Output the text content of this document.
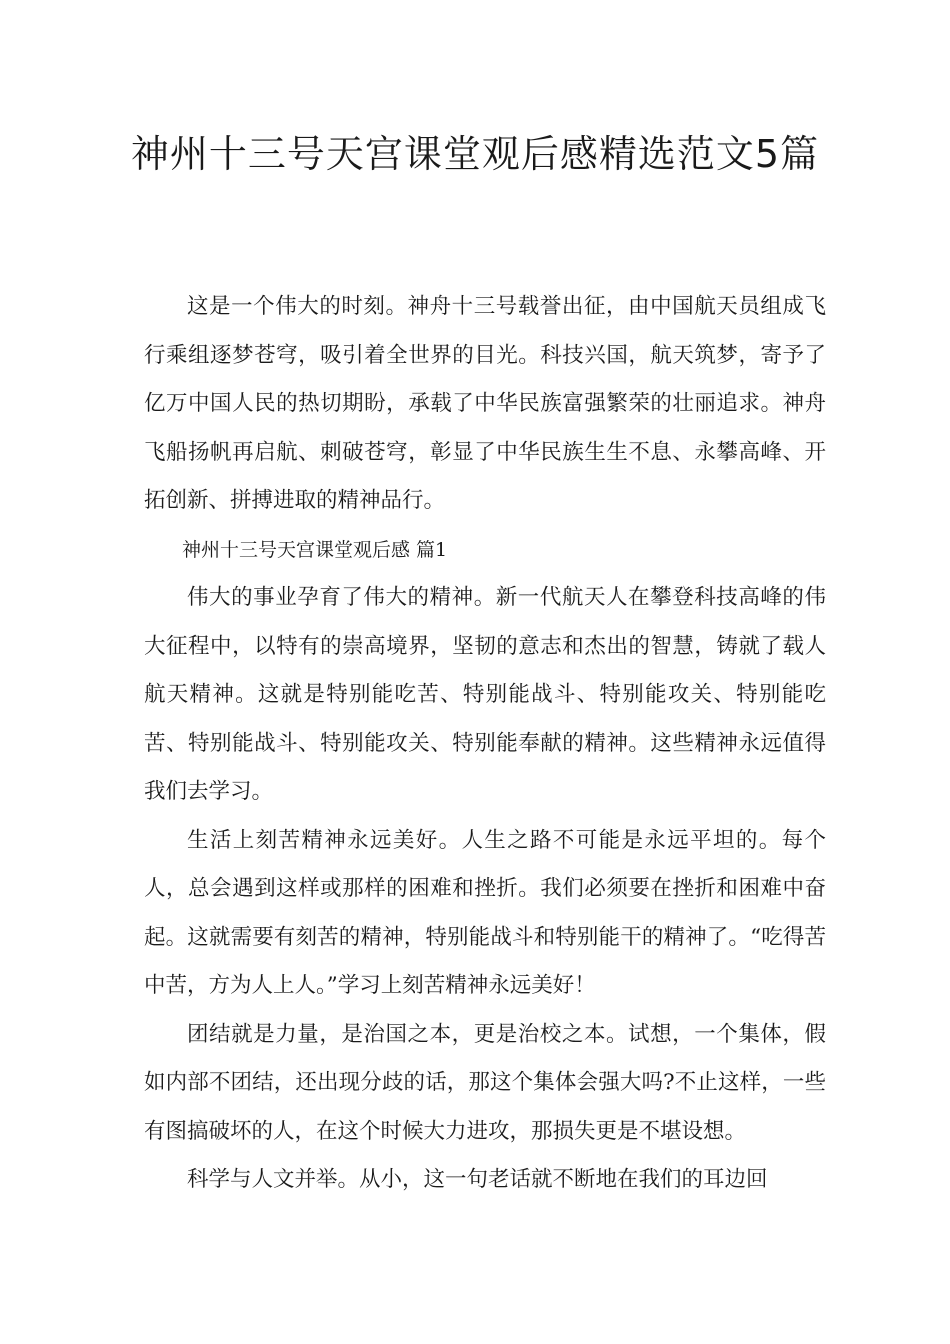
神州十三号天宫课堂观后感精选范文5篇

这是一个伟大的时刻。神舟十三号载誉出征，由中国航天员组成飞行乘组逐梦苍穹，吸引着全世界的目光。科技兴国，航天筑梦，寄予了亿万中国人民的热切期盼，承载了中华民族富强繁荣的壮丽追求。神舟飞船扬帆再启航、刺破苍穹，彰显了中华民族生生不息、永攀高峰、开拓创新、拼搏进取的精神品行。

神州十三号天宫课堂观后感 篇1

伟大的事业孕育了伟大的精神。新一代航天人在攀登科技高峰的伟大征程中，以特有的崇高境界，坚韧的意志和杰出的智慧，铸就了载人航天精神。这就是特别能吃苦、特别能战斗、特别能攻关、特别能吃苦、特别能战斗、特别能攻关、特别能奉献的精神。这些精神永远值得我们去学习。

生活上刻苦精神永远美好。人生之路不可能是永远平坦的。每个人，总会遇到这样或那样的困难和挫折。我们必须要在挫折和困难中奋起。这就需要有刻苦的精神，特别能战斗和特别能干的精神了。“吃得苦中苦，方为人上人。”学习上刻苦精神永远美好！

团结就是力量，是治国之本，更是治校之本。试想，一个集体，假如内部不团结，还出现分歧的话，那这个集体会强大吗?不止这样，一些有图搞破坏的人，在这个时候大力进攻，那损失更是不堪设想。

科学与人文并举。从小，这一句老话就不断地在我们的耳边回
